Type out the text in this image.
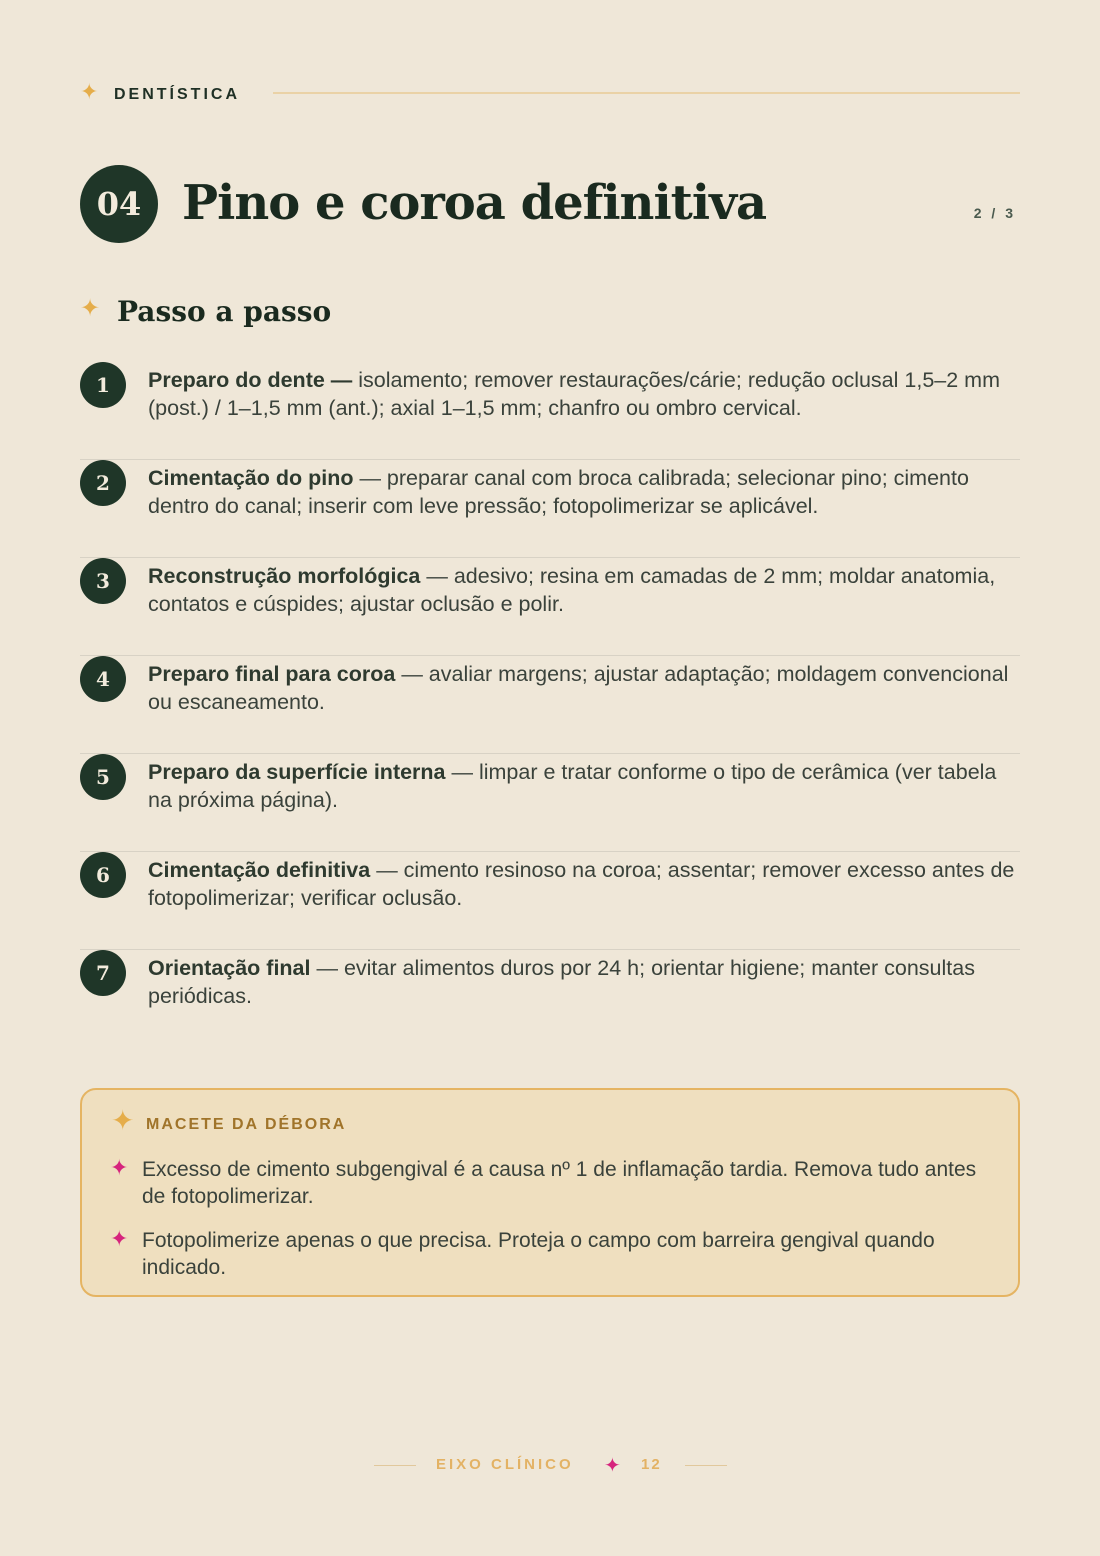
✦ DENTÍSTICA
04 Pino e coroa definitiva	2 / 3
✦ Passo a passo
1	Preparo do dente — isolamento; remover restaurações/cárie; redução oclusal 1,5–2 mm (post.) / 1–1,5 mm (ant.); axial 1–1,5 mm; chanfro ou ombro cervical.

2	Cimentação do pino — preparar canal com broca calibrada; selecionar pino; cimento dentro do canal; inserir com leve pressão; fotopolimerizar se aplicável.

3	Reconstrução morfológica — adesivo; resina em camadas de 2 mm; moldar anatomia, contatos e cúspides; ajustar oclusão e polir.

4	Preparo final para coroa — avaliar margens; ajustar adaptação; moldagem convencional ou escaneamento.

5	Preparo da superfície interna — limpar e tratar conforme o tipo de cerâmica (ver tabela na próxima página).

6	Cimentação definitiva — cimento resinoso na coroa; assentar; remover excesso antes de fotopolimerizar; verificar oclusão.

7	Orientação final — evitar alimentos duros por 24 h; orientar higiene; manter consultas periódicas.

✦ MACETE DA DÉBORA
✦ Excesso de cimento subgengival é a causa nº 1 de inflamação tardia. Remova tudo antes de fotopolimerizar.
✦ Fotopolimerize apenas o que precisa. Proteja o campo com barreira gengival quando indicado.
EIXO CLÍNICO ✦ 12
